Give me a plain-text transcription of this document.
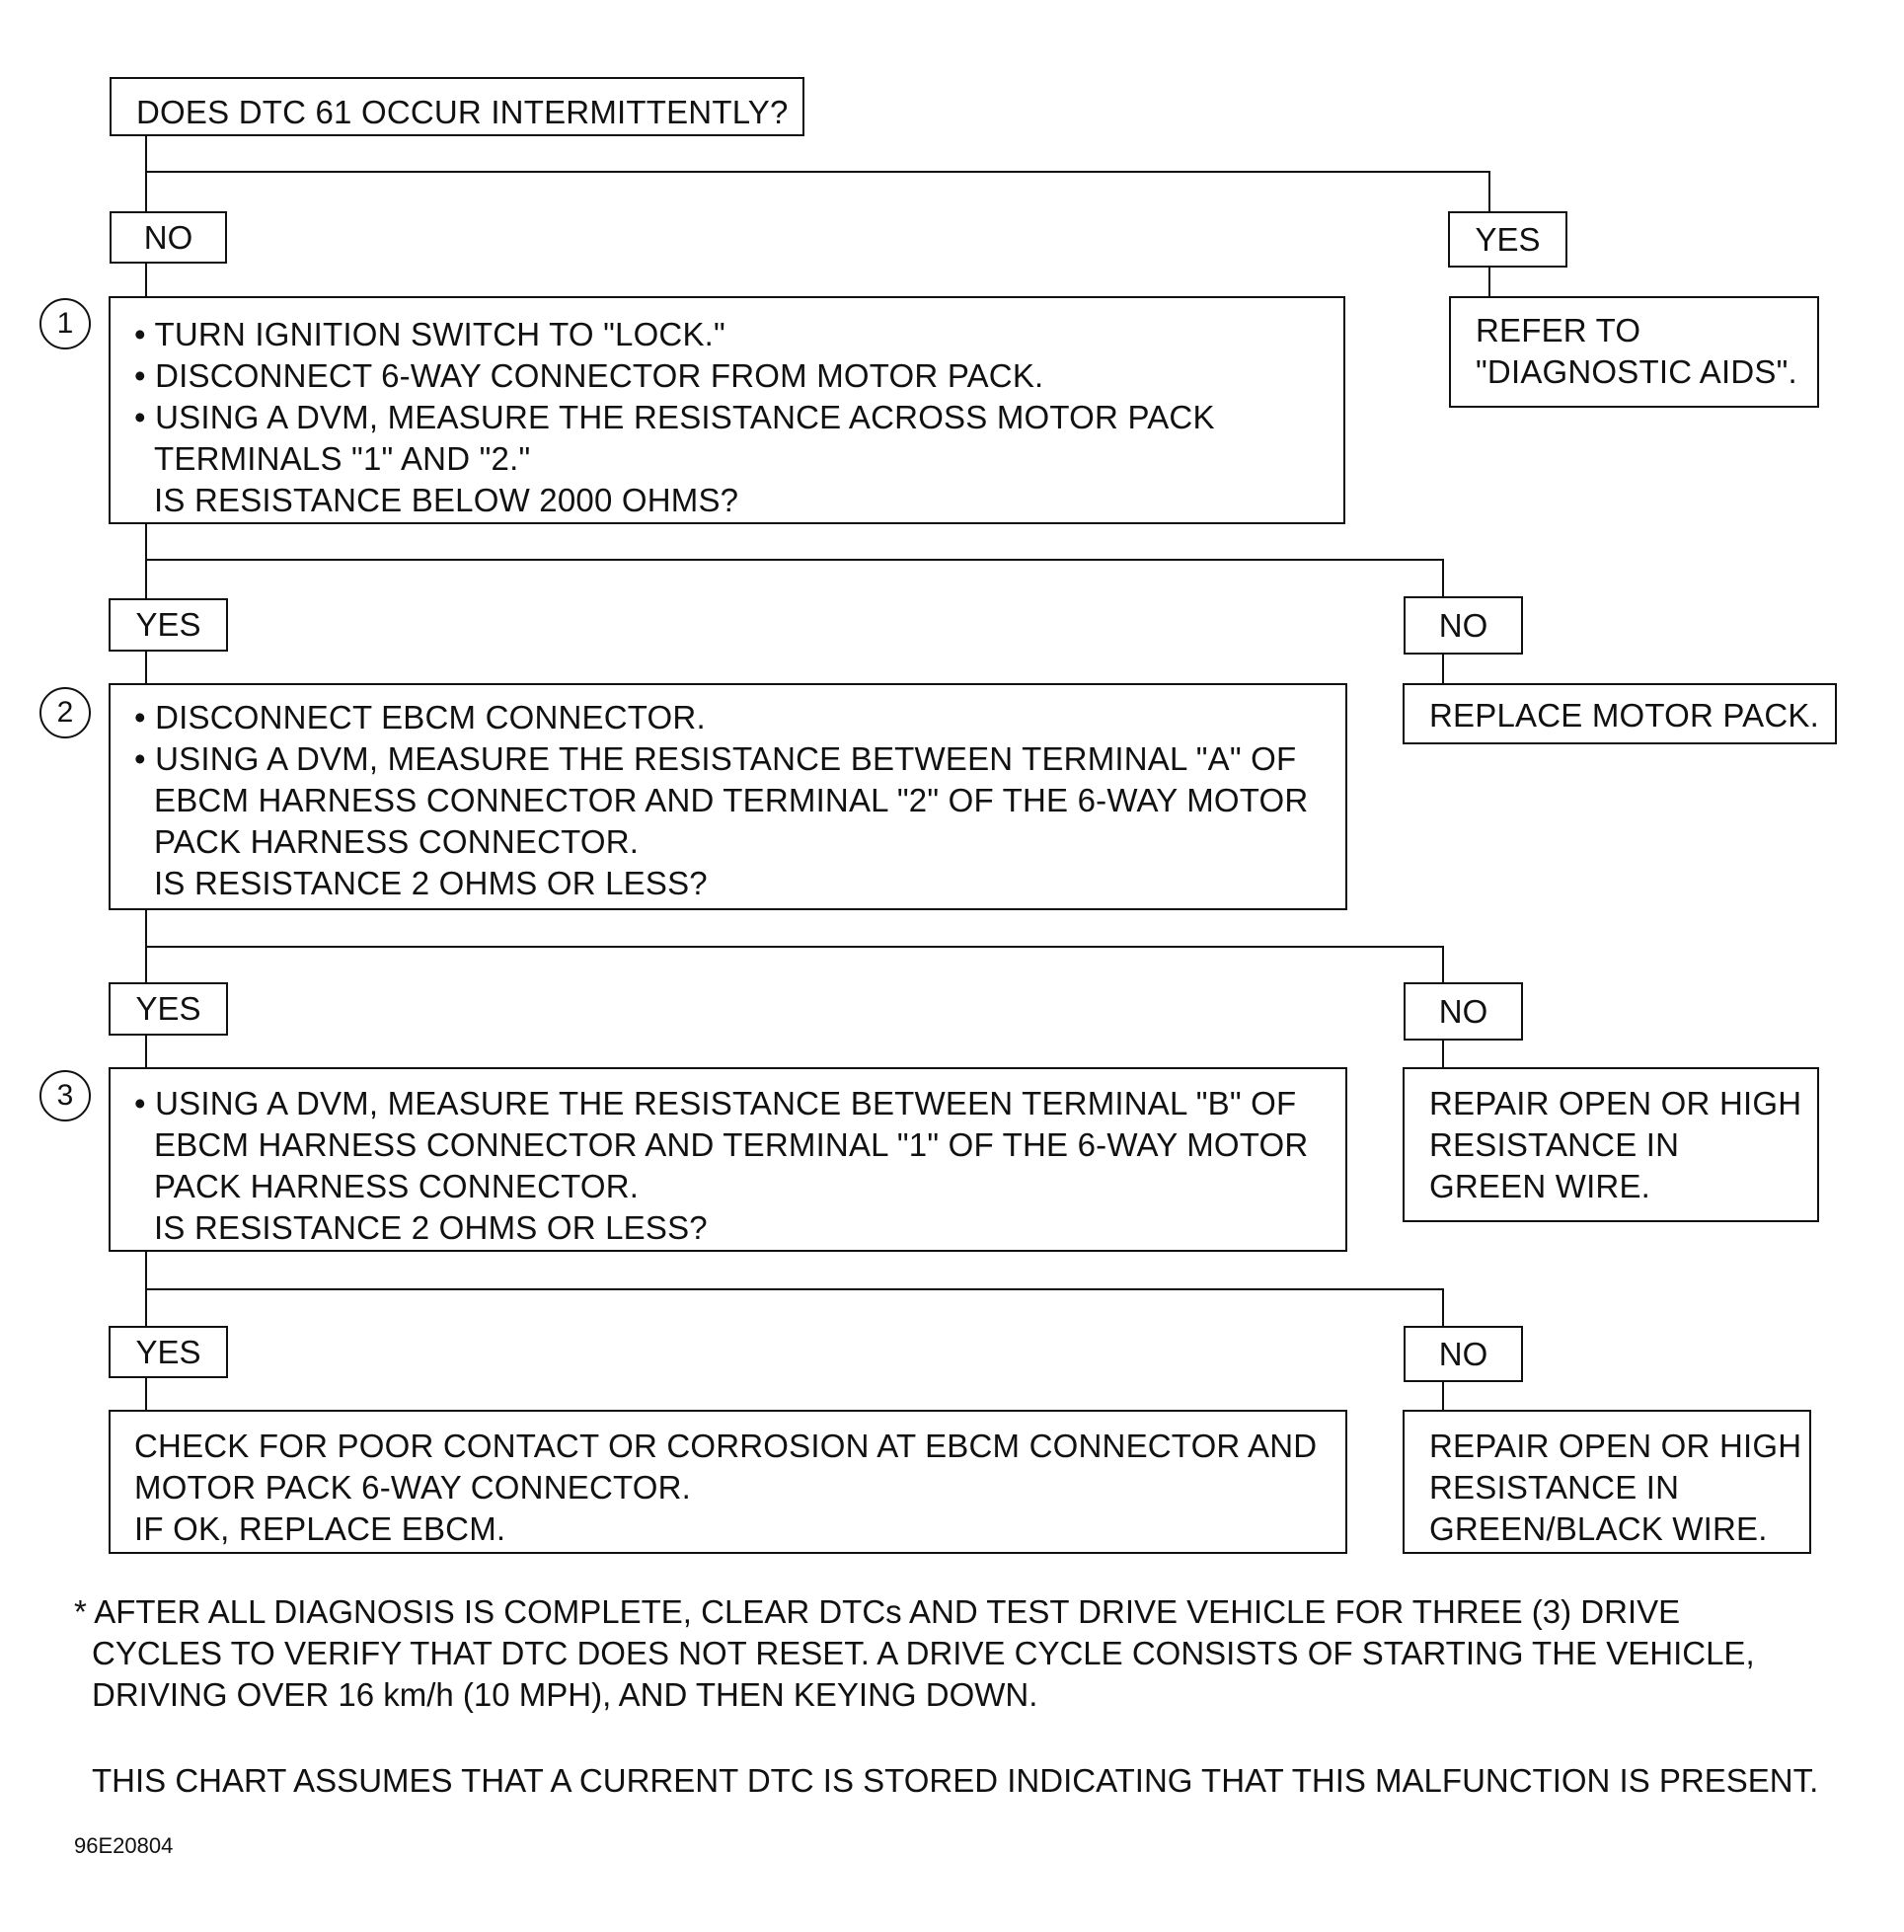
DOES DTC 61 OCCUR INTERMITTENTLY?
NO	YES
1 •	TURN IGNITION SWITCH TO "LOCK."
• DISCONNECT 6-WAY CONNECTOR FROM MOTOR PACK.
• USING A DVM, MEASURE THE RESISTANCE ACROSS MOTOR PACK
TERMINALS "1" AND "2."
IS RESISTANCE BELOW 2000 OHMS?
REFER TO
"DIAGNOSTIC AIDS".
YES	NO
2 •	DISCONNECT EBCM CONNECTOR.
• USING A DVM, MEASURE THE RESISTANCE BETWEEN TERMINAL "A" OF
EBCM HARNESS CONNECTOR AND TERMINAL "2" OF THE 6-WAY MOTOR
PACK HARNESS CONNECTOR.
IS RESISTANCE 2 OHMS OR LESS?
REPLACE MOTOR PACK.
YES	NO
3 •	USING A DVM, MEASURE THE RESISTANCE BETWEEN TERMINAL "B" OF
EBCM HARNESS CONNECTOR AND TERMINAL "1" OF THE 6-WAY MOTOR
PACK HARNESS CONNECTOR.
IS RESISTANCE 2 OHMS OR LESS?
REPAIR OPEN OR HIGH
RESISTANCE IN
GREEN WIRE.
YES	NO
CHECK FOR POOR CONTACT OR CORROSION AT EBCM CONNECTOR AND
MOTOR PACK 6-WAY CONNECTOR.
IF OK, REPLACE EBCM.
REPAIR OPEN OR HIGH
RESISTANCE IN
GREEN/BLACK WIRE.
* AFTER ALL DIAGNOSIS IS COMPLETE, CLEAR DTCs AND TEST DRIVE VEHICLE FOR THREE (3) DRIVE
CYCLES TO VERIFY THAT DTC DOES NOT RESET. A DRIVE CYCLE CONSISTS OF STARTING THE VEHICLE,
DRIVING OVER 16 km/h (10 MPH), AND THEN KEYING DOWN.
THIS CHART ASSUMES THAT A CURRENT DTC IS STORED INDICATING THAT THIS MALFUNCTION IS PRESENT.
96E20804
